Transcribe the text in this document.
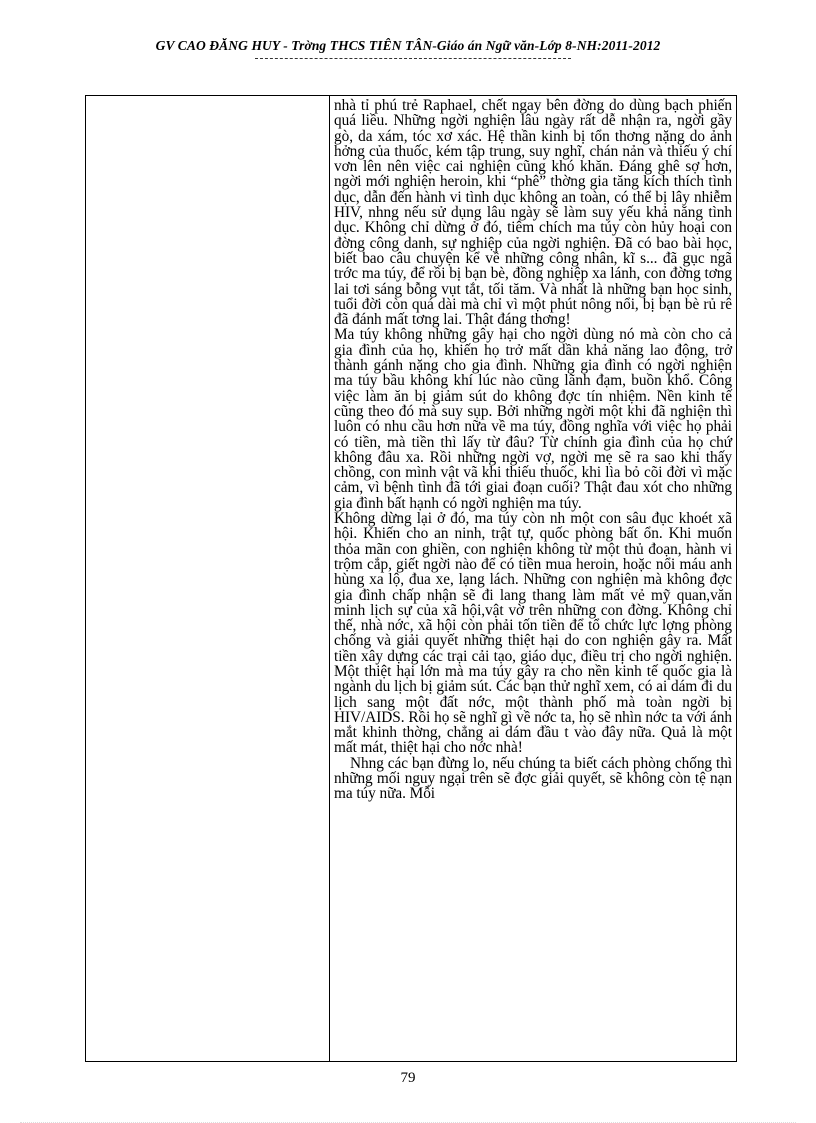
GV CAO ĐĂNG HUY - Trờng THCS TIÊN TÂN-Giáo án Ngữ văn-Lớp 8-NH:2011-2012

nhà tỉ phú trẻ Raphael, chết ngay bên đờng do dùng bạch phiến quá liều. Những ngời nghiện lâu ngày rất dễ nhận ra, ngời gầy gò, da xám, tóc xơ xác. Hệ thần kinh bị tổn thơng nặng do ảnh hởng của thuốc, kém tập trung, suy nghĩ, chán nản và thiếu ý chí vơn lên nên việc cai nghiện cũng khó khăn. Đáng ghê sợ hơn, ngời mới nghiện heroin, khi “phê” thờng gia tăng kích thích tình dục, dẫn đến hành vi tình dục không an toàn, có thể bị lây nhiễm HIV, nhng nếu sử dụng lâu ngày sẽ làm suy yếu khả năng tình dục. Không chỉ dừng ở đó, tiêm chích ma túy còn hủy hoại con đờng công danh, sự nghiệp của ngời nghiện. Đã có bao bài học, biết bao câu chuyện kể về những công nhân, kĩ s... đã gục ngã trớc ma túy, để rồi bị bạn bè, đồng nghiệp xa lánh, con đờng tơng lai tơi sáng bỗng vụt tắt, tối tăm. Và nhất là những bạn học sinh, tuổi đời còn quá dài mà chỉ vì một phút nông nổi, bị bạn bè rủ rê đã đánh mất tơng lai. Thật đáng thơng!

Ma túy không những gây hại cho ngời dùng nó mà còn cho cả gia đình của họ, khiến họ trở mất dần khả năng lao động, trở thành gánh nặng cho gia đình. Những gia đình có ngời nghiện ma túy bầu không khí lúc nào cũng lãnh đạm, buồn khổ. Công việc làm ăn bị giảm sút do không đợc tín nhiệm. Nền kinh tế cũng theo đó mà suy sụp. Bởi những ngời một khi đã nghiện thì luôn có nhu cầu hơn nữa về ma túy, đồng nghĩa với việc họ phải có tiền, mà tiền thì lấy từ đâu? Từ chính gia đình của họ chứ không đâu xa. Rồi những ngời vợ, ngời mẹ sẽ ra sao khi thấy chồng, con mình vật vã khi thiếu thuốc, khi lìa bỏ cõi đời vì mặc cảm, vì bệnh tình đã tới giai đoạn cuối? Thật đau xót cho những gia đình bất hạnh có ngời nghiện ma túy.

Không dừng lại ở đó, ma túy còn nh một con sâu đục khoét xã hội. Khiến cho an ninh, trật tự, quốc phòng bất ổn. Khi muốn thỏa mãn con ghiền, con nghiện không từ một thủ đoạn, hành vi trộm cắp, giết ngời nào để có tiền mua heroin, hoặc nổi máu anh hùng xa lộ, đua xe, lạng lách. Những con nghiện mà không đợc gia đình chấp nhận sẽ đi lang thang làm mất vẻ mỹ quan,văn minh lịch sự của xã hội,vật vờ trên những con đờng. Không chỉ thế, nhà nớc, xã hội còn phải tốn tiền để tổ chức lực lợng phòng chống và giải quyết những thiệt hại do con nghiện gây ra. Mất tiền xây dựng các trại cải tạo, giáo dục, điều trị cho ngời nghiện. Một thiệt hại lớn mà ma túy gây ra cho nền kinh tế quốc gia là ngành du lịch bị giảm sút. Các bạn thử nghĩ xem, có ai dám đi du lịch sang một đất nớc, một thành phố mà toàn ngời bị HIV/AIDS. Rồi họ sẽ nghĩ gì về nớc ta, họ sẽ nhìn nớc ta với ánh mắt khinh thờng, chẳng ai dám đầu t vào đây nữa. Quả là một mất mát, thiệt hại cho nớc nhà!

Nhng các bạn đừng lo, nếu chúng ta biết cách phòng chống thì những mối nguy ngại trên sẽ đợc giải quyết, sẽ không còn tệ nạn ma túy nữa. Mỗi

79
